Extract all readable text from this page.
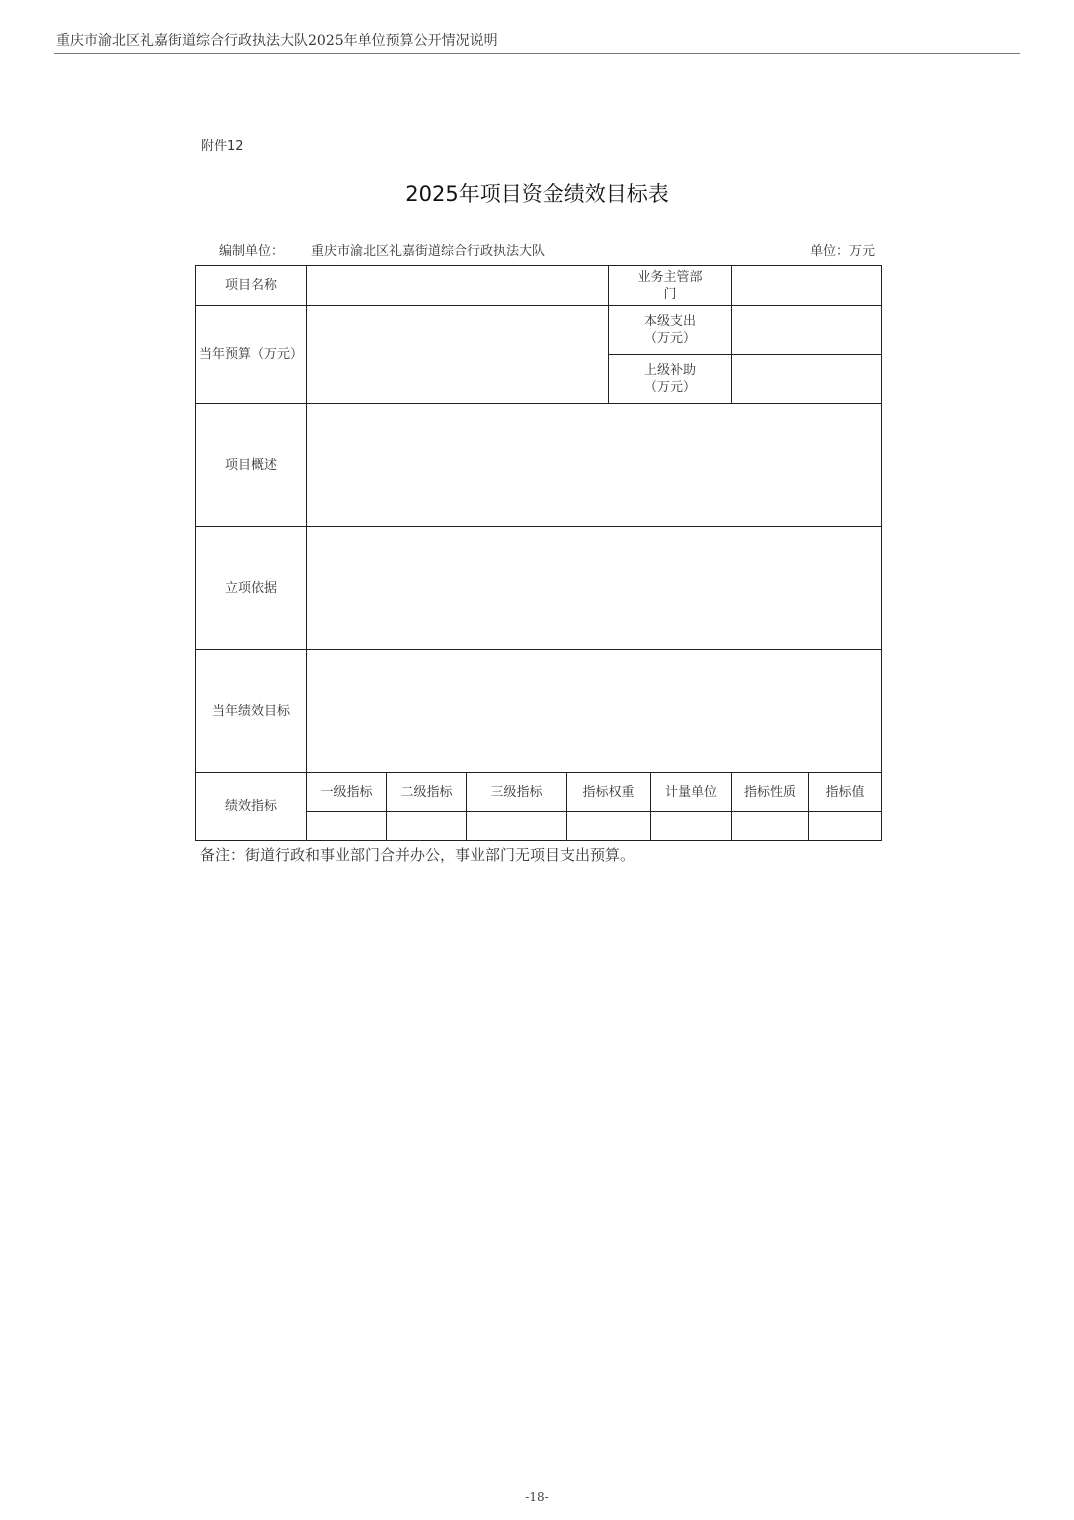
重庆市渝北区礼嘉街道综合行政执法大队2025年单位预算公开情况说明
附件12
2025年项目资金绩效目标表
编制单位： 重庆市渝北区礼嘉街道综合行政执法大队	单位：万元
项目名称					业务主管部
门			
当年预算（万元）					本级支出
（万元）			
					上级补助
（万元）			
项目概述								
立项依据								
当年绩效目标								
绩效指标	一级指标	二级指标	三级指标	指标权重		计量单位	指标性质	指标值

备注：街道行政和事业部门合并办公，事业部门无项目支出预算。
-18-
